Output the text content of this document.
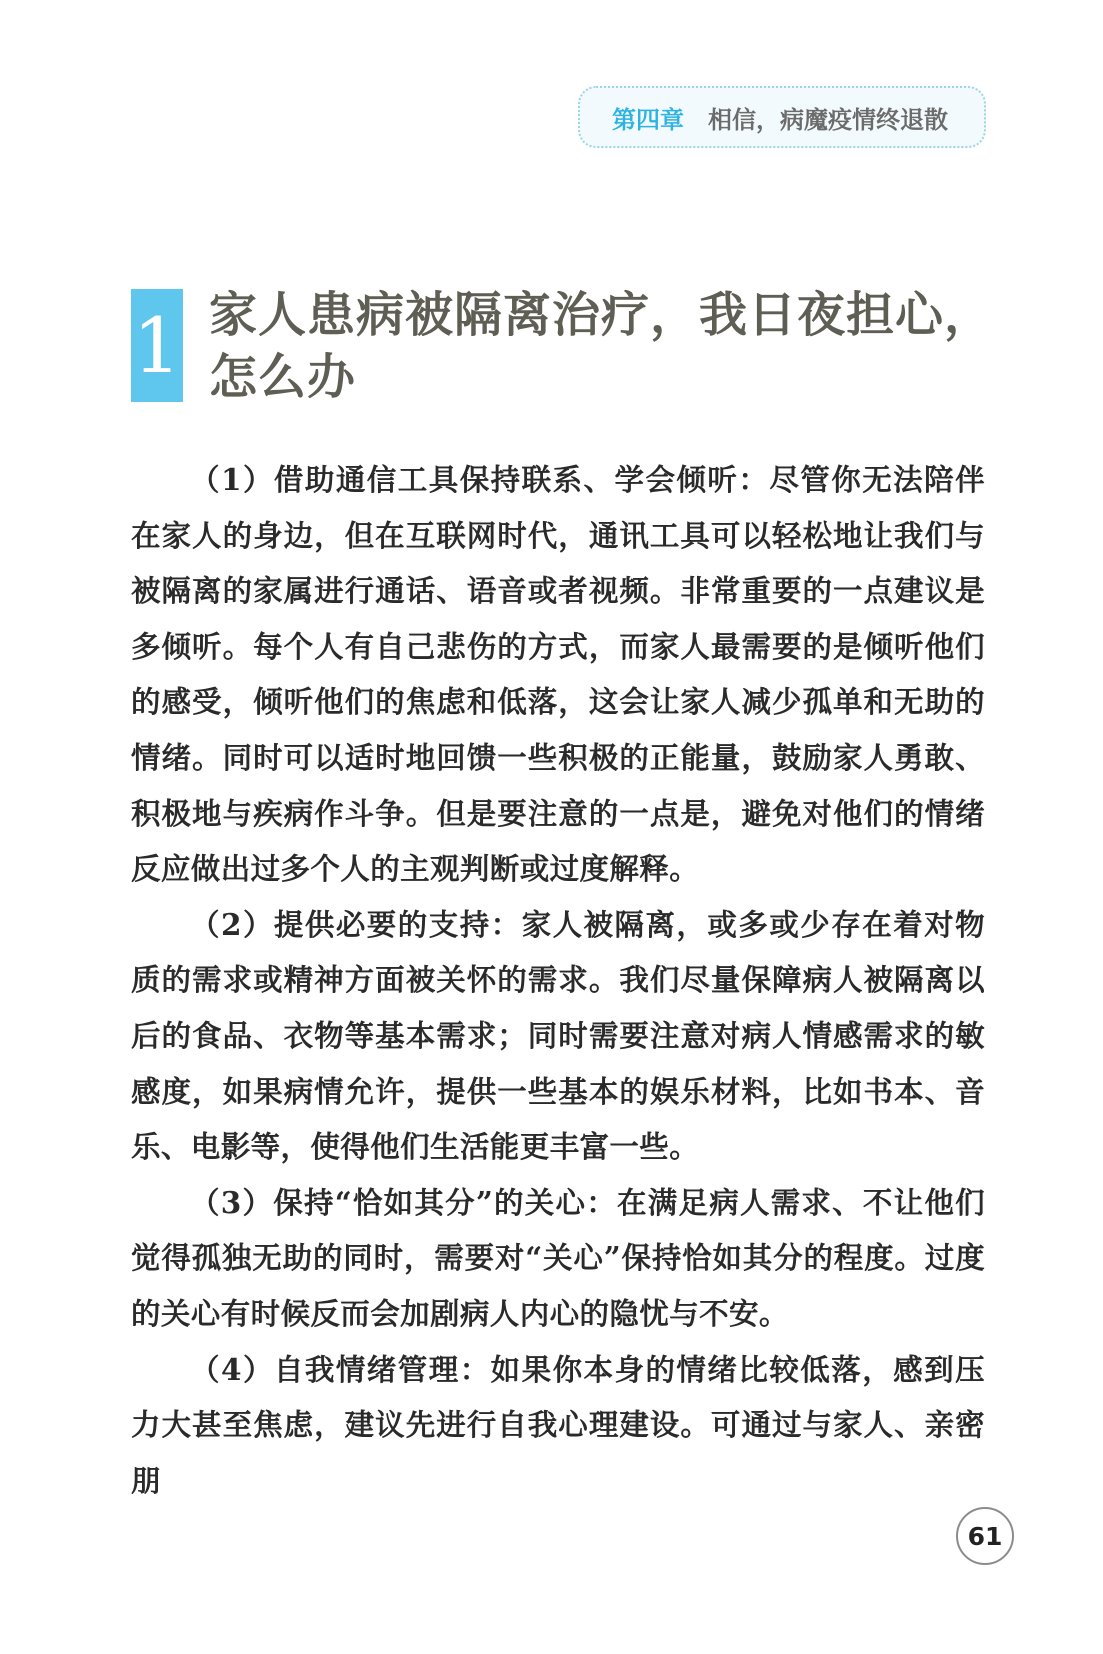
第四章 相信，病魔疫情终退散
1 家人患病被隔离治疗，我日夜担心，怎么办

（1）借助通信工具保持联系、学会倾听：尽管你无法陪伴在家人的身边，但在互联网时代，通讯工具可以轻松地让我们与被隔离的家属进行通话、语音或者视频。非常重要的一点建议是多倾听。每个人有自己悲伤的方式，而家人最需要的是倾听他们的感受，倾听他们的焦虑和低落，这会让家人减少孤单和无助的情绪。同时可以适时地回馈一些积极的正能量，鼓励家人勇敢、积极地与疾病作斗争。但是要注意的一点是，避免对他们的情绪反应做出过多个人的主观判断或过度解释。

（2）提供必要的支持：家人被隔离，或多或少存在着对物质的需求或精神方面被关怀的需求。我们尽量保障病人被隔离以后的食品、衣物等基本需求；同时需要注意对病人情感需求的敏感度，如果病情允许，提供一些基本的娱乐材料，比如书本、音乐、电影等，使得他们生活能更丰富一些。

（3）保持“恰如其分”的关心：在满足病人需求、不让他们觉得孤独无助的同时，需要对“关心”保持恰如其分的程度。过度的关心有时候反而会加剧病人内心的隐忧与不安。

（4）自我情绪管理：如果你本身的情绪比较低落，感到压力大甚至焦虑，建议先进行自我心理建设。可通过与家人、亲密朋

61
